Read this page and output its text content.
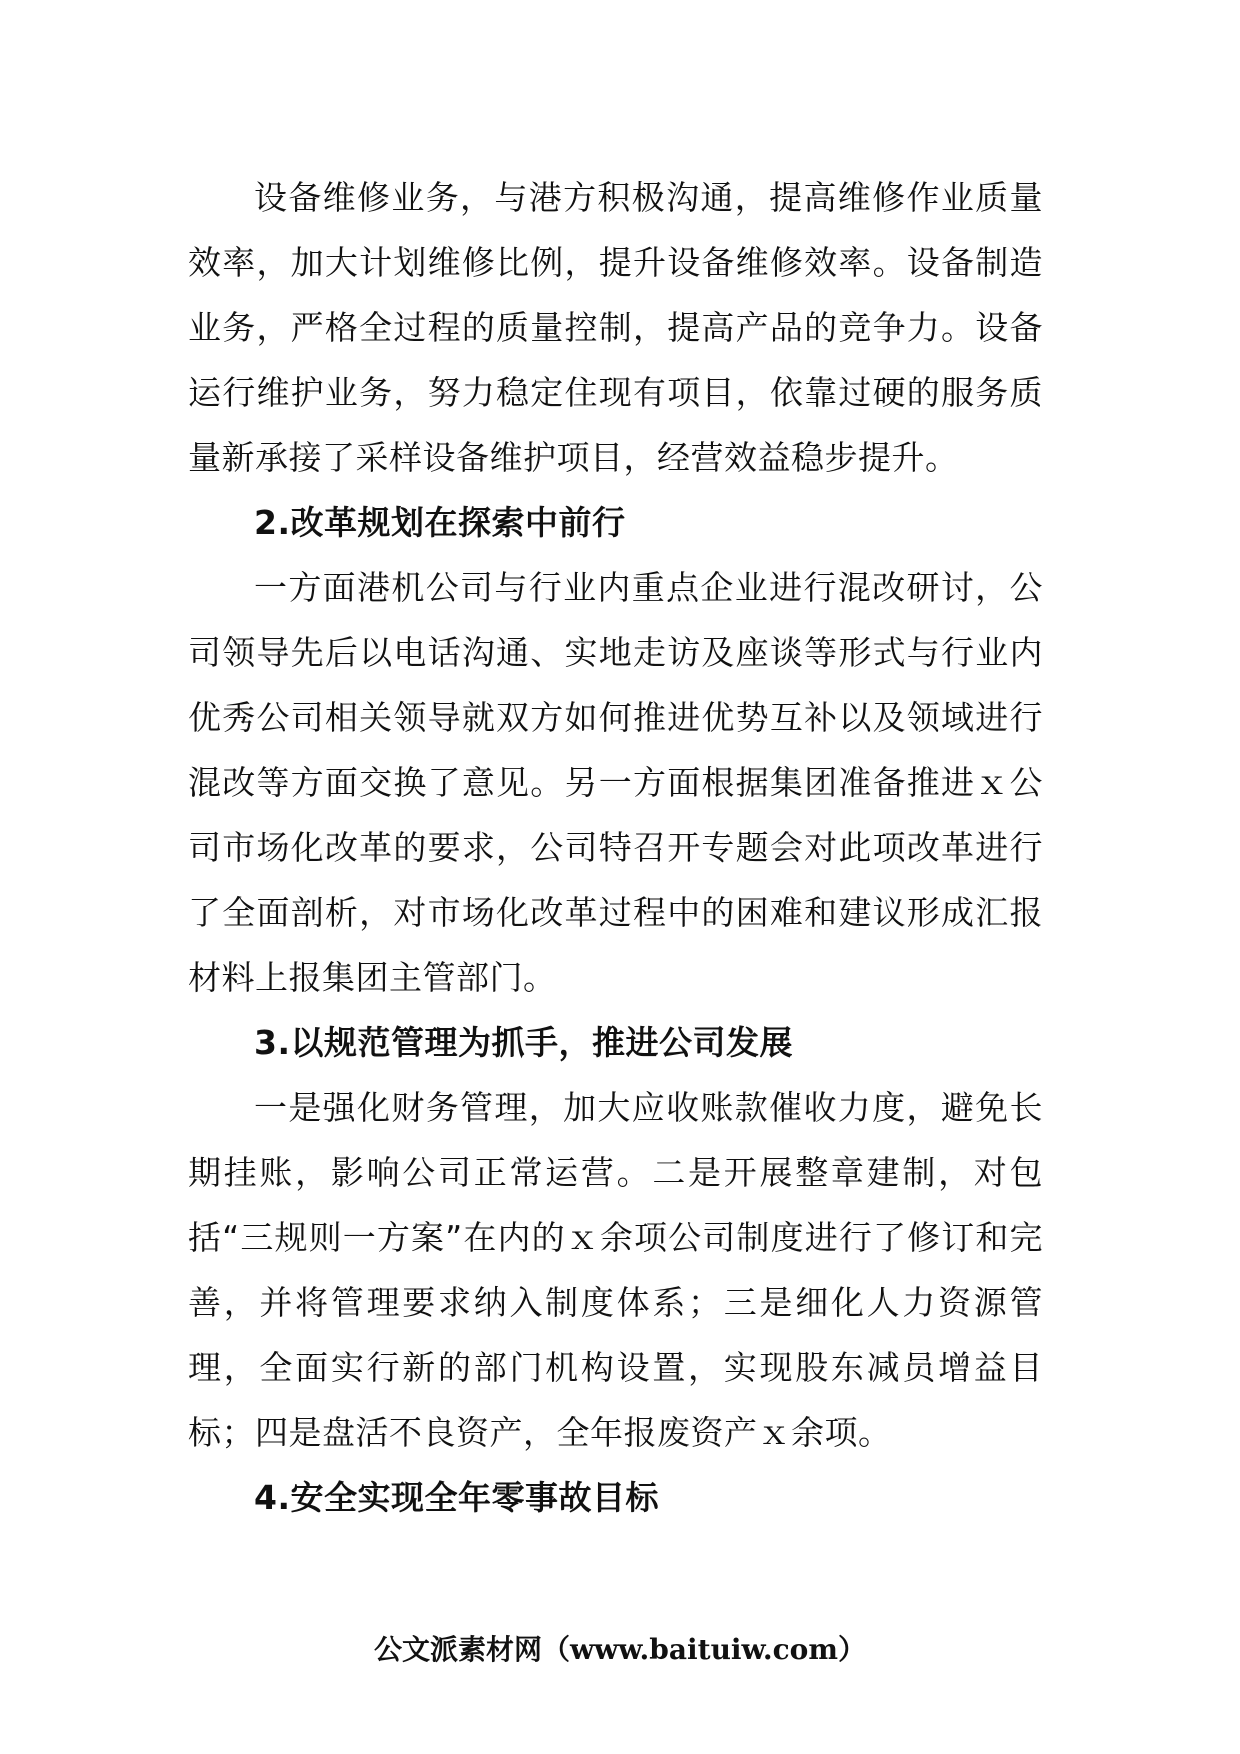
设备维修业务，与港方积极沟通，提高维修作业质量效率，加大计划维修比例，提升设备维修效率。设备制造业务，严格全过程的质量控制，提高产品的竞争力。设备运行维护业务，努力稳定住现有项目，依靠过硬的服务质量新承接了采样设备维护项目，经营效益稳步提升。

2.改革规划在探索中前行

一方面港机公司与行业内重点企业进行混改研讨，公司领导先后以电话沟通、实地走访及座谈等形式与行业内优秀公司相关领导就双方如何推进优势互补以及领域进行混改等方面交换了意见。另一方面根据集团准备推进ｘ公司市场化改革的要求，公司特召开专题会对此项改革进行了全面剖析，对市场化改革过程中的困难和建议形成汇报材料上报集团主管部门。

3.以规范管理为抓手，推进公司发展

一是强化财务管理，加大应收账款催收力度，避免长期挂账，影响公司正常运营。二是开展整章建制，对包括“三规则一方案”在内的ｘ余项公司制度进行了修订和完善，并将管理要求纳入制度体系；三是细化人力资源管理，全面实行新的部门机构设置，实现股东减员增益目标；四是盘活不良资产，全年报废资产ｘ余项。

4.安全实现全年零事故目标

公文派素材网（www.baituiw.com）
